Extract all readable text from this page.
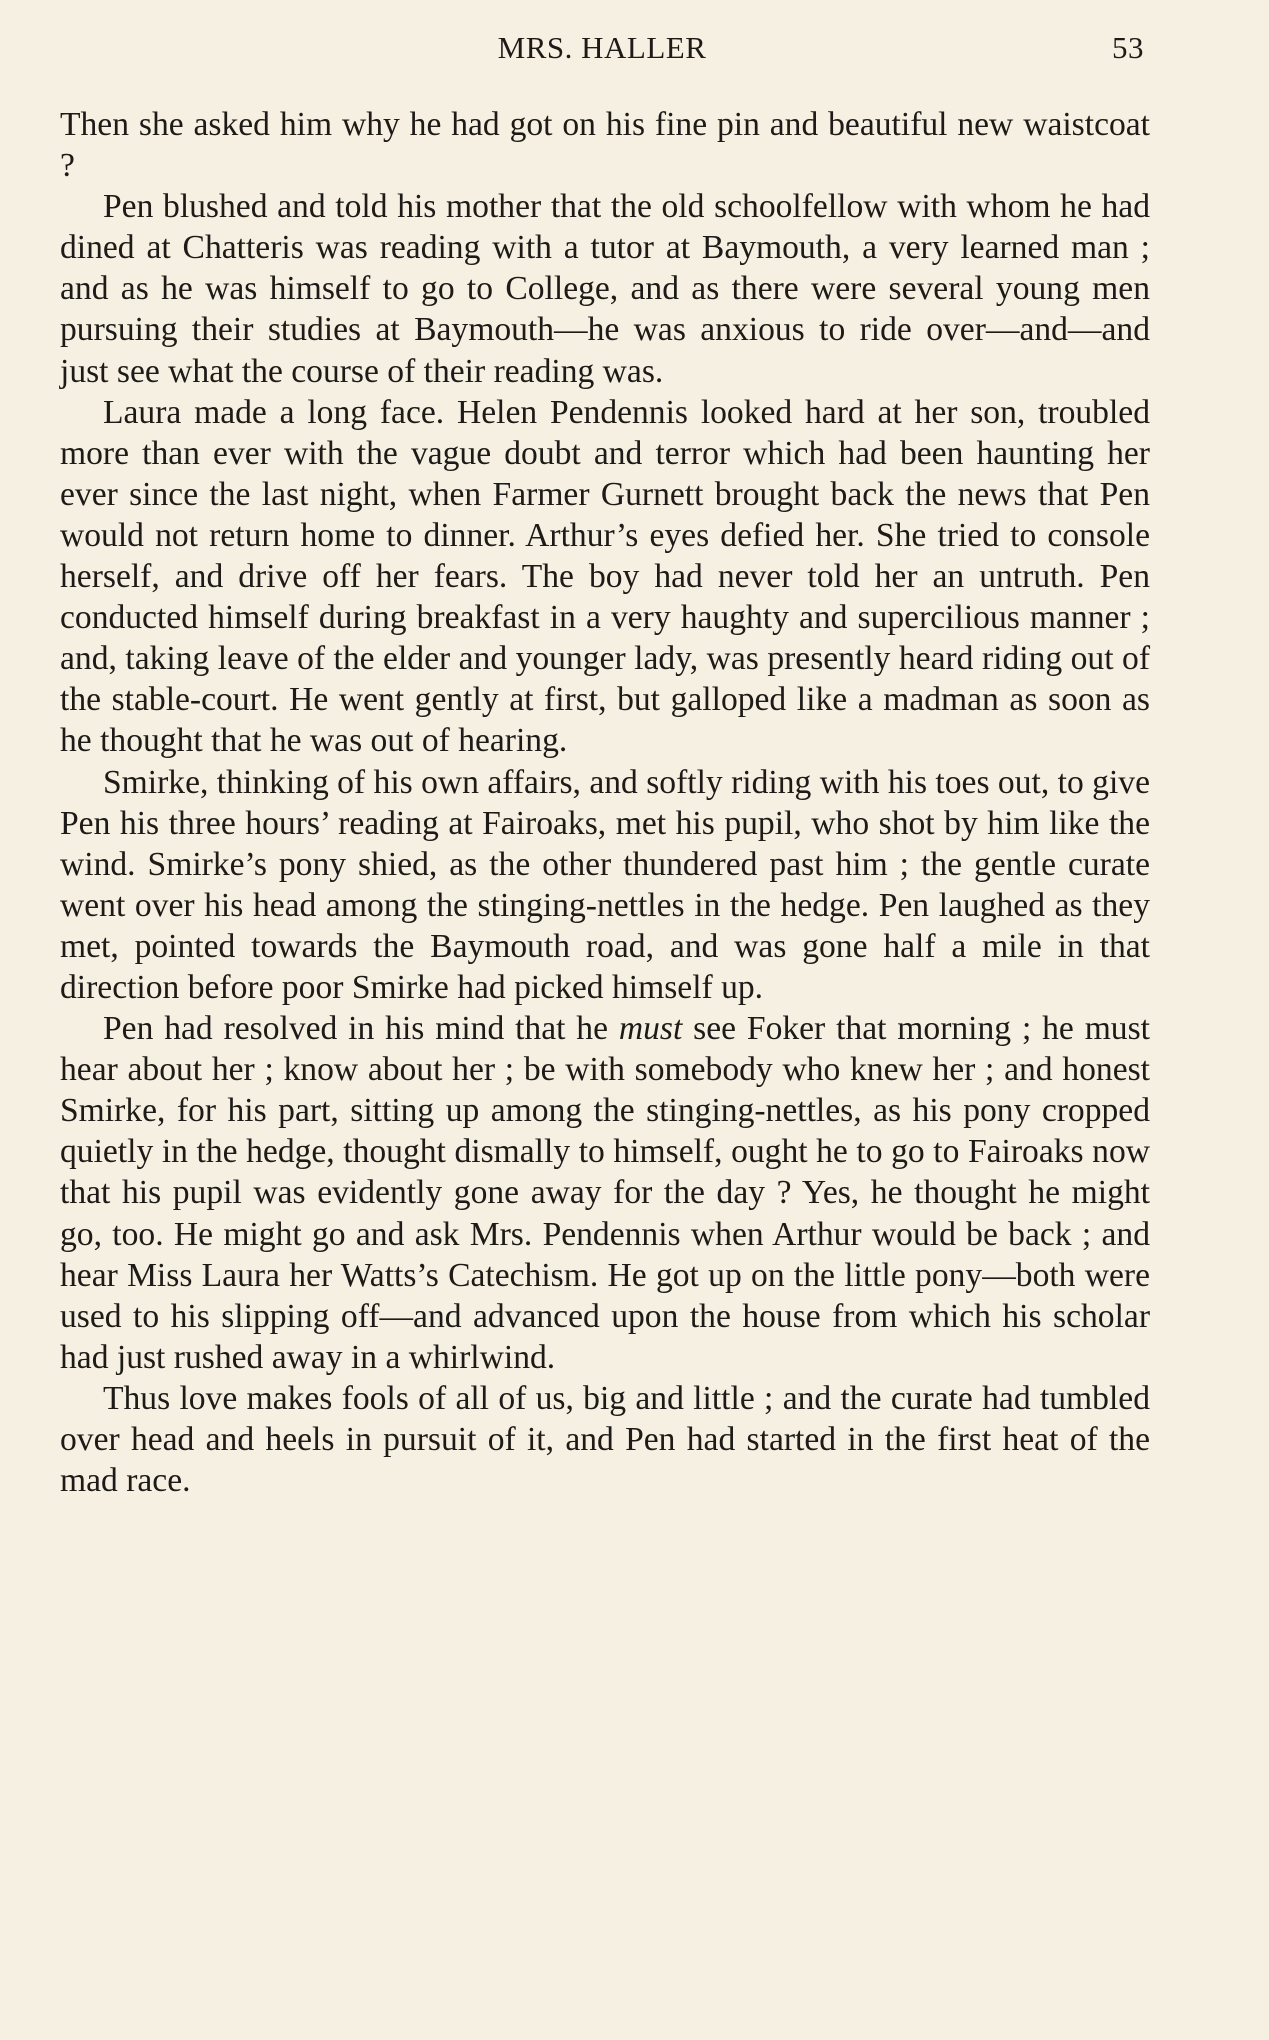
MRS. HALLER	53

Then she asked him why he had got on his fine pin and beautiful new waistcoat ?

Pen blushed and told his mother that the old schoolfellow with whom he had dined at Chatteris was reading with a tutor at Baymouth, a very learned man ; and as he was himself to go to College, and as there were several young men pursuing their studies at Baymouth—he was anxious to ride over—and—and just see what the course of their reading was.

Laura made a long face. Helen Pendennis looked hard at her son, troubled more than ever with the vague doubt and terror which had been haunting her ever since the last night, when Farmer Gurnett brought back the news that Pen would not return home to dinner. Arthur’s eyes defied her. She tried to console herself, and drive off her fears. The boy had never told her an untruth. Pen conducted himself during breakfast in a very haughty and supercilious manner ; and, taking leave of the elder and younger lady, was presently heard riding out of the stable-court. He went gently at first, but galloped like a madman as soon as he thought that he was out of hearing.

Smirke, thinking of his own affairs, and softly riding with his toes out, to give Pen his three hours’ reading at Fairoaks, met his pupil, who shot by him like the wind. Smirke’s pony shied, as the other thundered past him ; the gentle curate went over his head among the stinging-nettles in the hedge. Pen laughed as they met, pointed towards the Baymouth road, and was gone half a mile in that direction before poor Smirke had picked himself up.

Pen had resolved in his mind that he must see Foker that morning ; he must hear about her ; know about her ; be with somebody who knew her ; and honest Smirke, for his part, sitting up among the stinging-nettles, as his pony cropped quietly in the hedge, thought dismally to himself, ought he to go to Fairoaks now that his pupil was evidently gone away for the day ? Yes, he thought he might go, too. He might go and ask Mrs. Pendennis when Arthur would be back ; and hear Miss Laura her Watts’s Catechism. He got up on the little pony—both were used to his slipping off—and advanced upon the house from which his scholar had just rushed away in a whirlwind.

Thus love makes fools of all of us, big and little ; and the curate had tumbled over head and heels in pursuit of it, and Pen had started in the first heat of the mad race.
